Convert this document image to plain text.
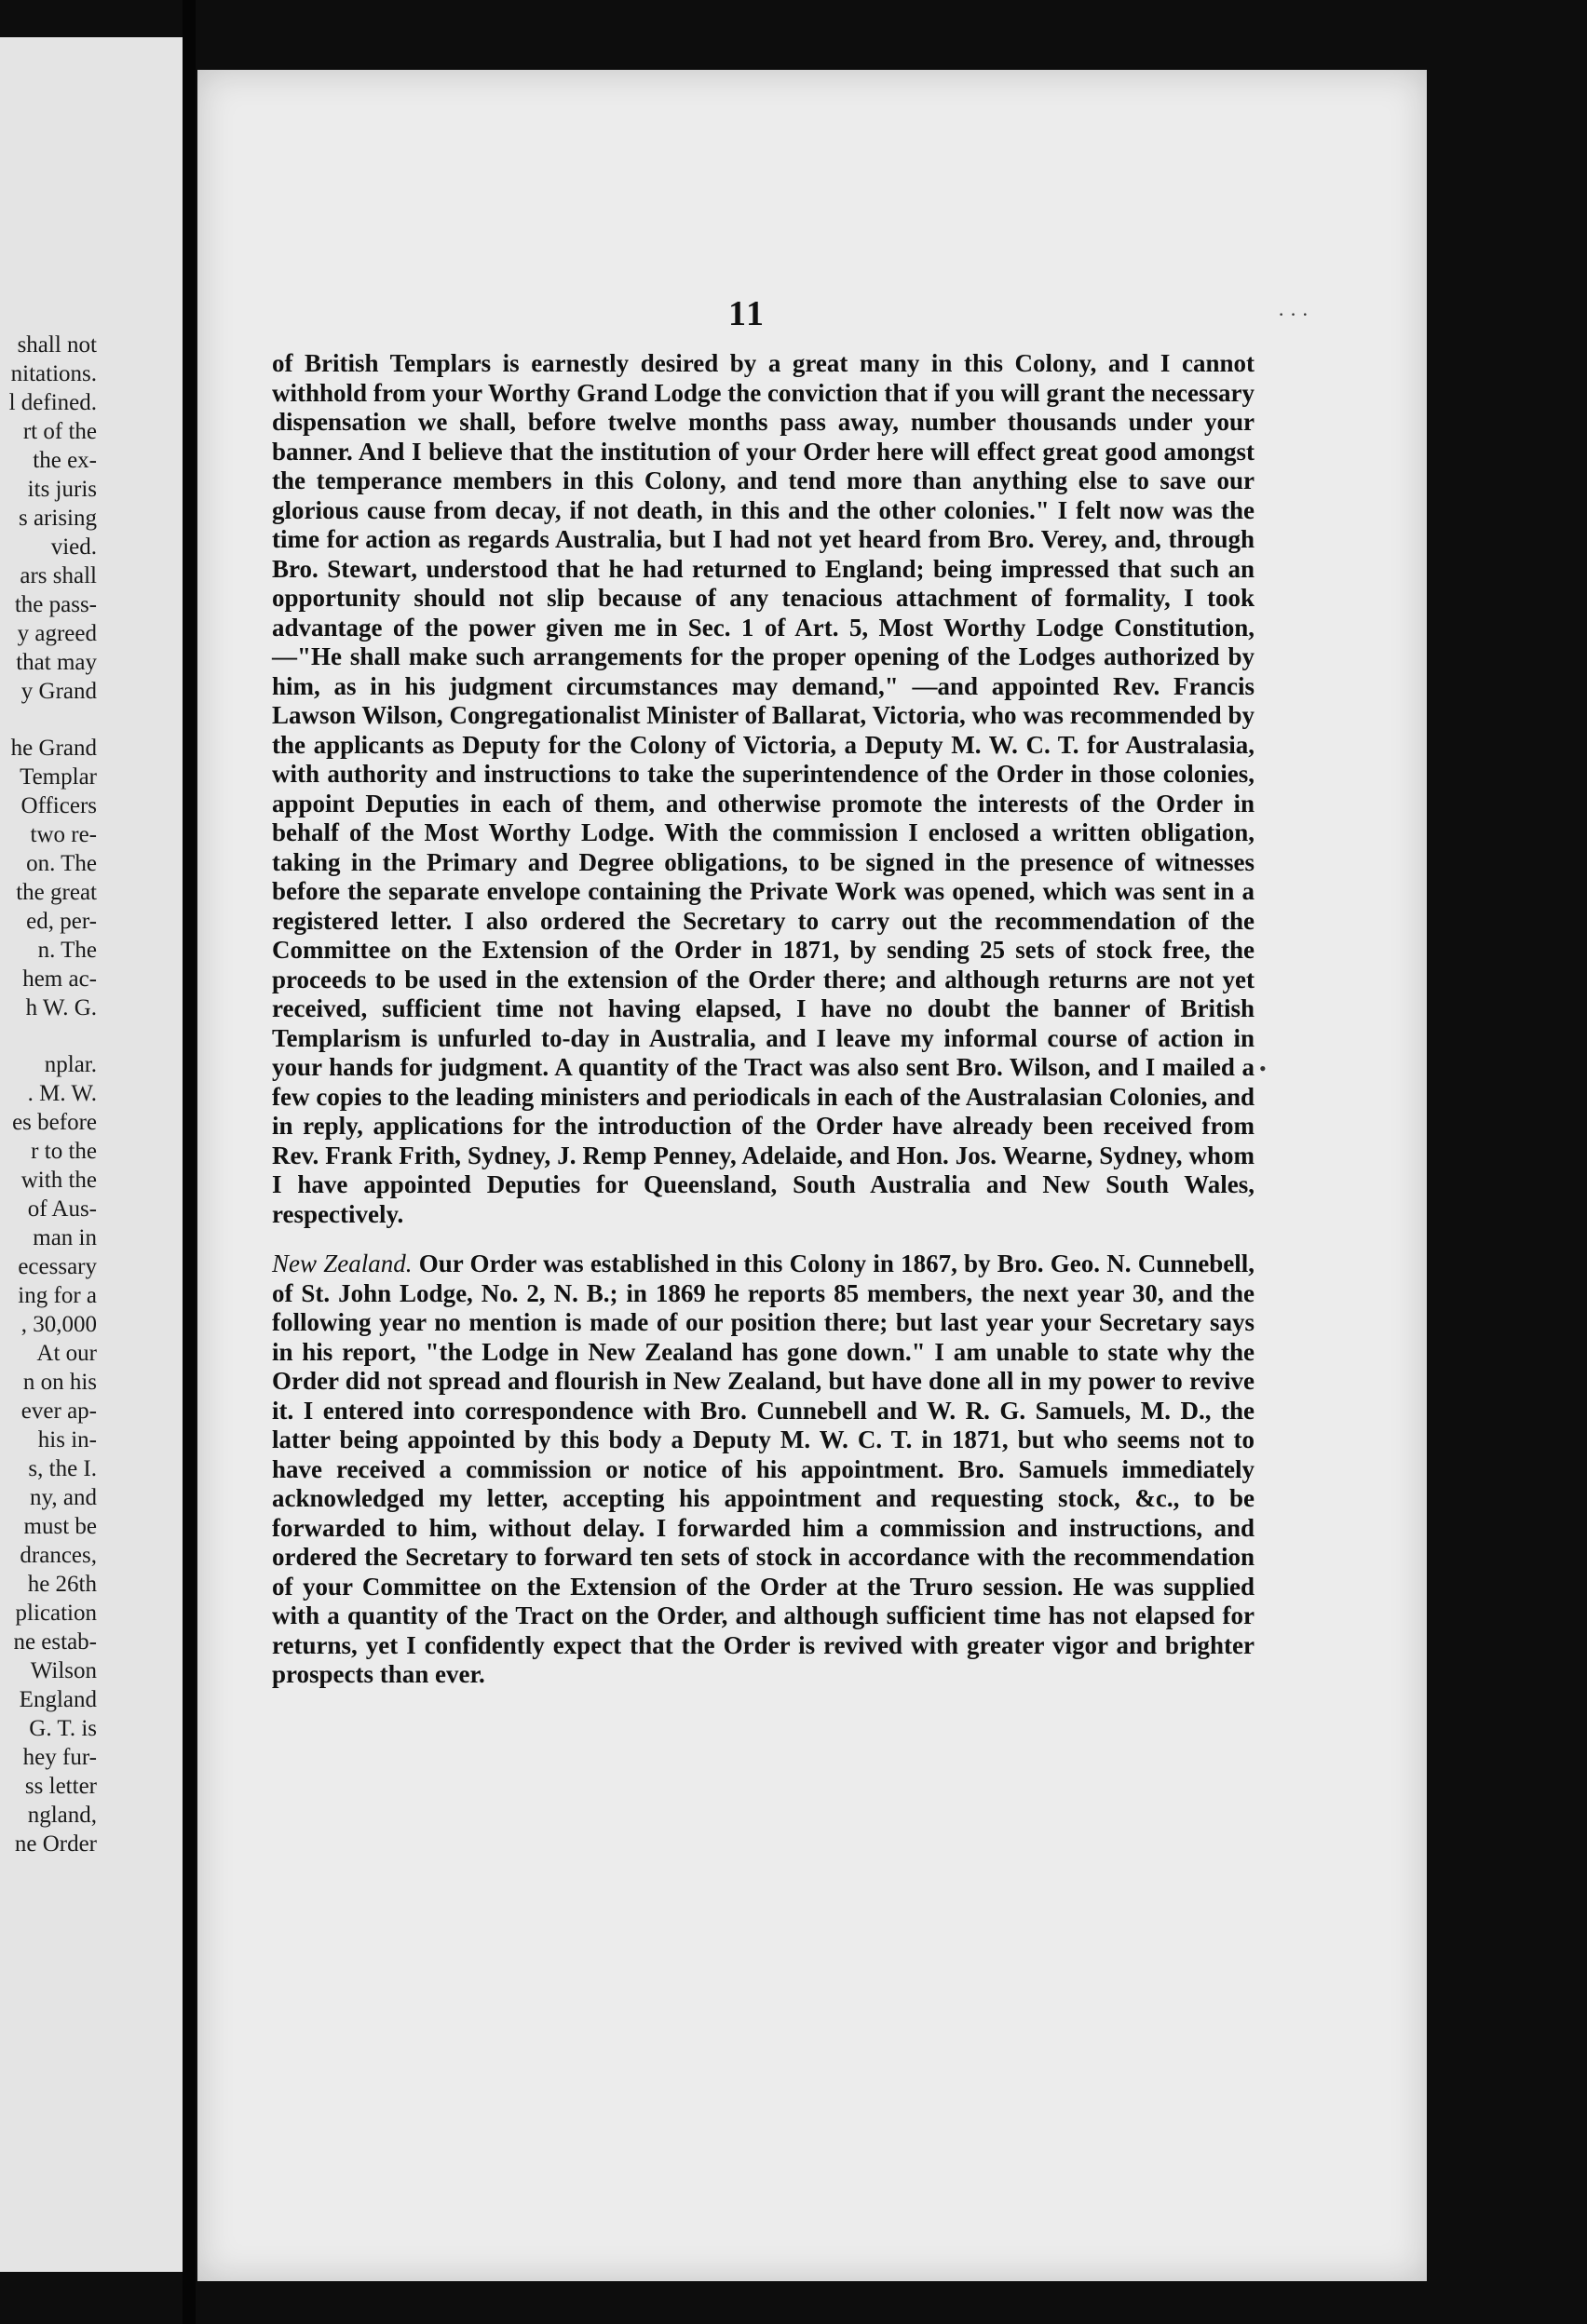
shall not
nitations.
l defined.
rt of the
the ex-
its juris
s arising
vied.
ars shall
the pass-
y agreed
that may
y Grand
he Grand
Templar
Officers
two re-
on. The
the great
ed, per-
n. The
hem ac-
h W. G.
nplar.
. M. W.
es before
r to the
with the
of Aus-
man in
ecessary
ing for a
, 30,000
At our
n on his
ever ap-
his in-
s, the I.
ny, and
must be
drances,
he 26th
plication
ne estab-
Wilson
England
G. T. is
hey fur-
ss letter
ngland,
ne Order
11

of British Templars is earnestly desired by a great many in this Colony, and I cannot withhold from your Worthy Grand Lodge the conviction that if you will grant the necessary dispensation we shall, before twelve months pass away, number thousands under your banner. And I believe that the institution of your Order here will effect great good amongst the temperance members in this Colony, and tend more than anything else to save our glorious cause from decay, if not death, in this and the other colonies." I felt now was the time for action as regards Australia, but I had not yet heard from Bro. Verey, and, through Bro. Stewart, understood that he had returned to England; being impressed that such an opportunity should not slip because of any tenacious attachment of formality, I took advantage of the power given me in Sec. 1 of Art. 5, Most Worthy Lodge Constitution,—"He shall make such arrangements for the proper opening of the Lodges authorized by him, as in his judgment circumstances may demand," —and appointed Rev. Francis Lawson Wilson, Congregationalist Minister of Ballarat, Victoria, who was recommended by the applicants as Deputy for the Colony of Victoria, a Deputy M. W. C. T. for Australasia, with authority and instructions to take the superintendence of the Order in those colonies, appoint Deputies in each of them, and otherwise promote the interests of the Order in behalf of the Most Worthy Lodge. With the commission I enclosed a written obligation, taking in the Primary and Degree obligations, to be signed in the presence of witnesses before the separate envelope containing the Private Work was opened, which was sent in a registered letter. I also ordered the Secretary to carry out the recommendation of the Committee on the Extension of the Order in 1871, by sending 25 sets of stock free, the proceeds to be used in the extension of the Order there; and although returns are not yet received, sufficient time not having elapsed, I have no doubt the banner of British Templarism is unfurled to-day in Australia, and I leave my informal course of action in your hands for judgment. A quantity of the Tract was also sent Bro. Wilson, and I mailed a few copies to the leading ministers and periodicals in each of the Australasian Colonies, and in reply, applications for the introduction of the Order have already been received from Rev. Frank Frith, Sydney, J. Remp Penney, Adelaide, and Hon. Jos. Wearne, Sydney, whom I have appointed Deputies for Queensland, South Australia and New South Wales, respectively.

New Zealand. Our Order was established in this Colony in 1867, by Bro. Geo. N. Cunnebell, of St. John Lodge, No. 2, N. B.; in 1869 he reports 85 members, the next year 30, and the following year no mention is made of our position there; but last year your Secretary says in his report, "the Lodge in New Zealand has gone down." I am unable to state why the Order did not spread and flourish in New Zealand, but have done all in my power to revive it. I entered into correspondence with Bro. Cunnebell and W. R. G. Samuels, M. D., the latter being appointed by this body a Deputy M. W. C. T. in 1871, but who seems not to have received a commission or notice of his appointment. Bro. Samuels immediately acknowledged my letter, accepting his appointment and requesting stock, &c., to be forwarded to him, without delay. I forwarded him a commission and instructions, and ordered the Secretary to forward ten sets of stock in accordance with the recommendation of your Committee on the Extension of the Order at the Truro session. He was supplied with a quantity of the Tract on the Order, and although sufficient time has not elapsed for returns, yet I confidently expect that the Order is revived with greater vigor and brighter prospects than ever.

· · ·
•
